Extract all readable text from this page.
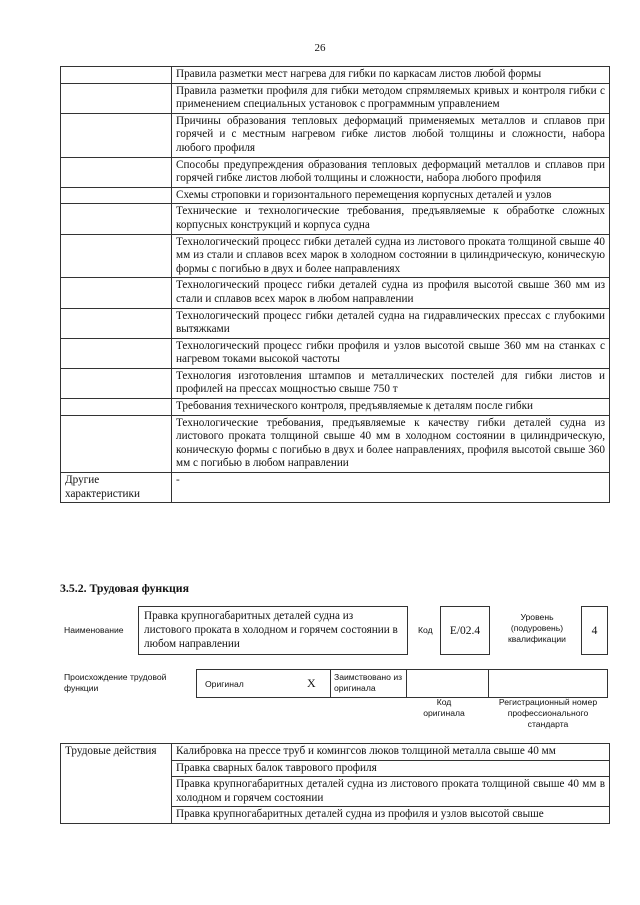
26
	Правила разметки мест нагрева для гибки по каркасам листов любой формы
	Правила разметки профиля для гибки методом спрямляемых кривых и контроля гибки с применением специальных установок с программным управлением
	Причины образования тепловых деформаций применяемых металлов и сплавов при горячей и с местным нагревом гибке листов любой толщины и сложности, набора любого профиля
	Способы предупреждения образования тепловых деформаций металлов и сплавов при горячей гибке листов любой толщины и сложности, набора любого профиля
	Схемы строповки и горизонтального перемещения корпусных деталей и узлов
	Технические и технологические требования, предъявляемые к обработке сложных корпусных конструкций и корпуса судна
	Технологический процесс гибки деталей судна из листового проката толщиной свыше 40 мм из стали и сплавов всех марок в холодном состоянии в цилиндрическую, коническую формы с погибью в двух и более направлениях
	Технологический процесс гибки деталей судна из профиля высотой свыше 360 мм из стали и сплавов всех марок в любом направлении
	Технологический процесс гибки деталей судна на гидравлических прессах с глубокими вытяжками
	Технологический процесс гибки профиля и узлов высотой свыше 360 мм на станках с нагревом токами высокой частоты
	Технология изготовления штампов и металлических постелей для гибки листов и профилей на прессах мощностью свыше 750 т
	Требования технического контроля, предъявляемые к деталям после гибки
	Технологические требования, предъявляемые к качеству гибки деталей судна из листового проката толщиной свыше 40 мм в холодном состоянии в цилиндрическую, коническую формы с погибью в двух и более направлениях, профиля высотой свыше 360 мм с погибью в любом направлении
Другие характеристики	-
3.5.2. Трудовая функция
Наименование
Правка крупногабаритных деталей судна из листового проката в холодном и горячем состоянии в любом направлении
Код E/02.4
Уровень (подуровень) квалификации
4
Происхождение трудовой функции	Оригинал	X Заимствовано из оригинала
Код оригинала
Регистрационный номер профессионального стандарта
Трудовые действия	Калибровка на прессе труб и комингсов люков толщиной металла свыше 40 мм
Правка сварных балок таврового профиля
Правка крупногабаритных деталей судна из листового проката толщиной свыше 40 мм в холодном и горячем состоянии
Правка крупногабаритных деталей судна из профиля и узлов высотой свыше
